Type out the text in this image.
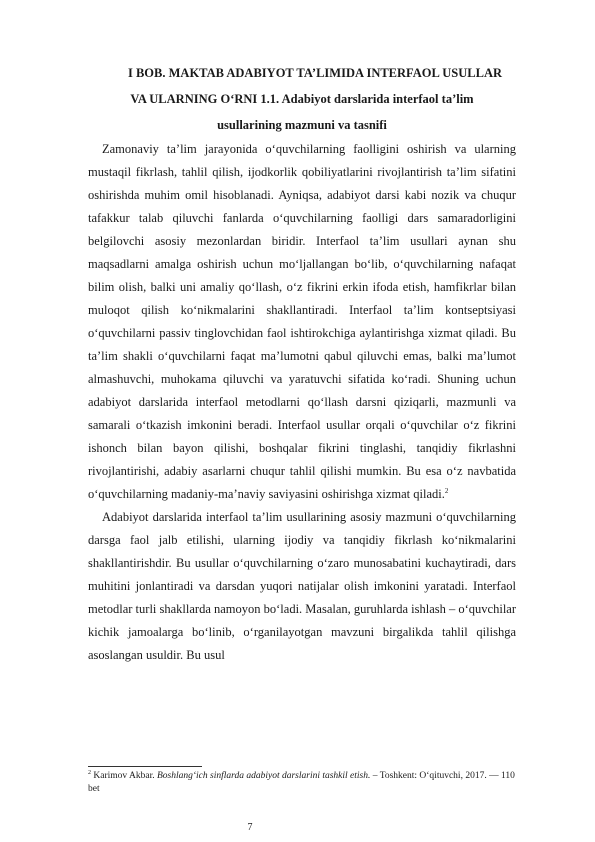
I BOB. MAKTAB ADABIYOT TA’LIMIDA INTERFAOL USULLAR
VA ULARNING O‘RNI 1.1. Adabiyot darslarida interfaol ta’lim
usullarining mazmuni va tasnifi

Zamonaviy ta’lim jarayonida o‘quvchilarning faolligini oshirish va ularning mustaqil fikrlash, tahlil qilish, ijodkorlik qobiliyatlarini rivojlantirish ta’lim sifatini oshirishda muhim omil hisoblanadi. Ayniqsa, adabiyot darsi kabi nozik va chuqur tafakkur talab qiluvchi fanlarda o‘quvchilarning faolligi dars samaradorligini belgilovchi asosiy mezonlardan biridir. Interfaol ta’lim usullari aynan shu maqsadlarni amalga oshirish uchun mo‘ljallangan bo‘lib, o‘quvchilarning nafaqat bilim olish, balki uni amaliy qo‘llash, o‘z fikrini erkin ifoda etish, hamfikrlar bilan muloqot qilish ko‘nikmalarini shakllantiradi. Interfaol ta’lim kontseptsiyasi o‘quvchilarni passiv tinglovchidan faol ishtirokchiga aylantirishga xizmat qiladi. Bu ta’lim shakli o‘quvchilarni faqat ma’lumotni qabul qiluvchi emas, balki ma’lumot almashuvchi, muhokama qiluvchi va yaratuvchi sifatida ko‘radi. Shuning uchun adabiyot darslarida interfaol metodlarni qo‘llash darsni qiziqarli, mazmunli va samarali o‘tkazish imkonini beradi. Interfaol usullar orqali o‘quvchilar o‘z fikrini ishonch bilan bayon qilishi, boshqalar fikrini tinglashi, tanqidiy fikrlashni rivojlantirishi, adabiy asarlarni chuqur tahlil qilishi mumkin. Bu esa o‘z navbatida o‘quvchilarning madaniy-ma’naviy saviyasini oshirishga xizmat qiladi.$^2$

Adabiyot darslarida interfaol ta’lim usullarining asosiy mazmuni o‘quvchilarning darsga faol jalb etilishi, ularning ijodiy va tanqidiy fikrlash ko‘nikmalarini shakllantirishdir. Bu usullar o‘quvchilarning o‘zaro munosabatini kuchaytiradi, dars muhitini jonlantiradi va darsdan yuqori natijalar olish imkonini yaratadi. Interfaol metodlar turli shakllarda namoyon bo‘ladi. Masalan, guruhlarda ishlash – o‘quvchilar kichik jamoalarga bo‘linib, o‘rganilayotgan mavzuni birgalikda tahlil qilishga asoslangan usuldir. Bu usul

$^2$ Karimov Akbar. Boshlang‘ich sinflarda adabiyot darslarini tashkil etish. – Toshkent: O‘qituvchi, 2017. — 110 bet
7
